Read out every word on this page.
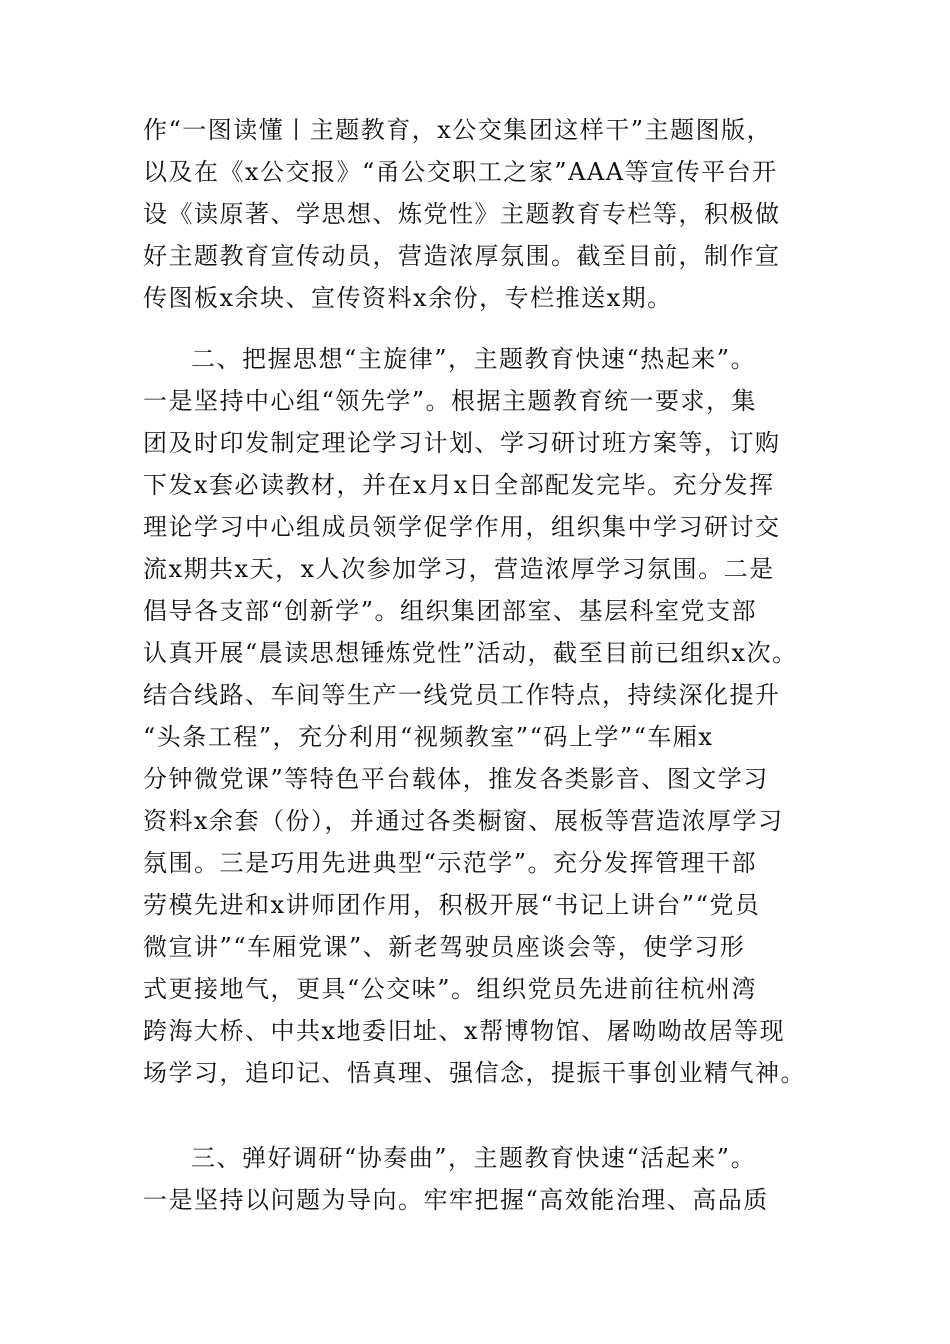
作“一图读懂丨主题教育，x公交集团这样干”主题图版，
以及在《x公交报》“甬公交职工之家”AAA等宣传平台开
设《读原著、学思想、炼党性》主题教育专栏等，积极做
好主题教育宣传动员，营造浓厚氛围。截至目前，制作宣
传图板x余块、宣传资料x余份，专栏推送x期。
二、把握思想“主旋律”，主题教育快速“热起来”。
一是坚持中心组“领先学”。根据主题教育统一要求，集
团及时印发制定理论学习计划、学习研讨班方案等，订购
下发x套必读教材，并在x月x日全部配发完毕。充分发挥
理论学习中心组成员领学促学作用，组织集中学习研讨交
流x期共x天，x人次参加学习，营造浓厚学习氛围。二是
倡导各支部“创新学”。组织集团部室、基层科室党支部
认真开展“晨读思想锤炼党性”活动，截至目前已组织x次。
结合线路、车间等生产一线党员工作特点，持续深化提升
“头条工程”，充分利用“视频教室”“码上学”“车厢x
分钟微党课”等特色平台载体，推发各类影音、图文学习
资料x余套（份），并通过各类橱窗、展板等营造浓厚学习
氛围。三是巧用先进典型“示范学”。充分发挥管理干部
劳模先进和x讲师团作用，积极开展“书记上讲台”“党员
微宣讲”“车厢党课”、新老驾驶员座谈会等，使学习形
式更接地气，更具“公交味”。组织党员先进前往杭州湾
跨海大桥、中共x地委旧址、x帮博物馆、屠呦呦故居等现
场学习，追印记、悟真理、强信念，提振干事创业精气神。
三、弹好调研“协奏曲”，主题教育快速“活起来”。
一是坚持以问题为导向。牢牢把握“高效能治理、高品质
